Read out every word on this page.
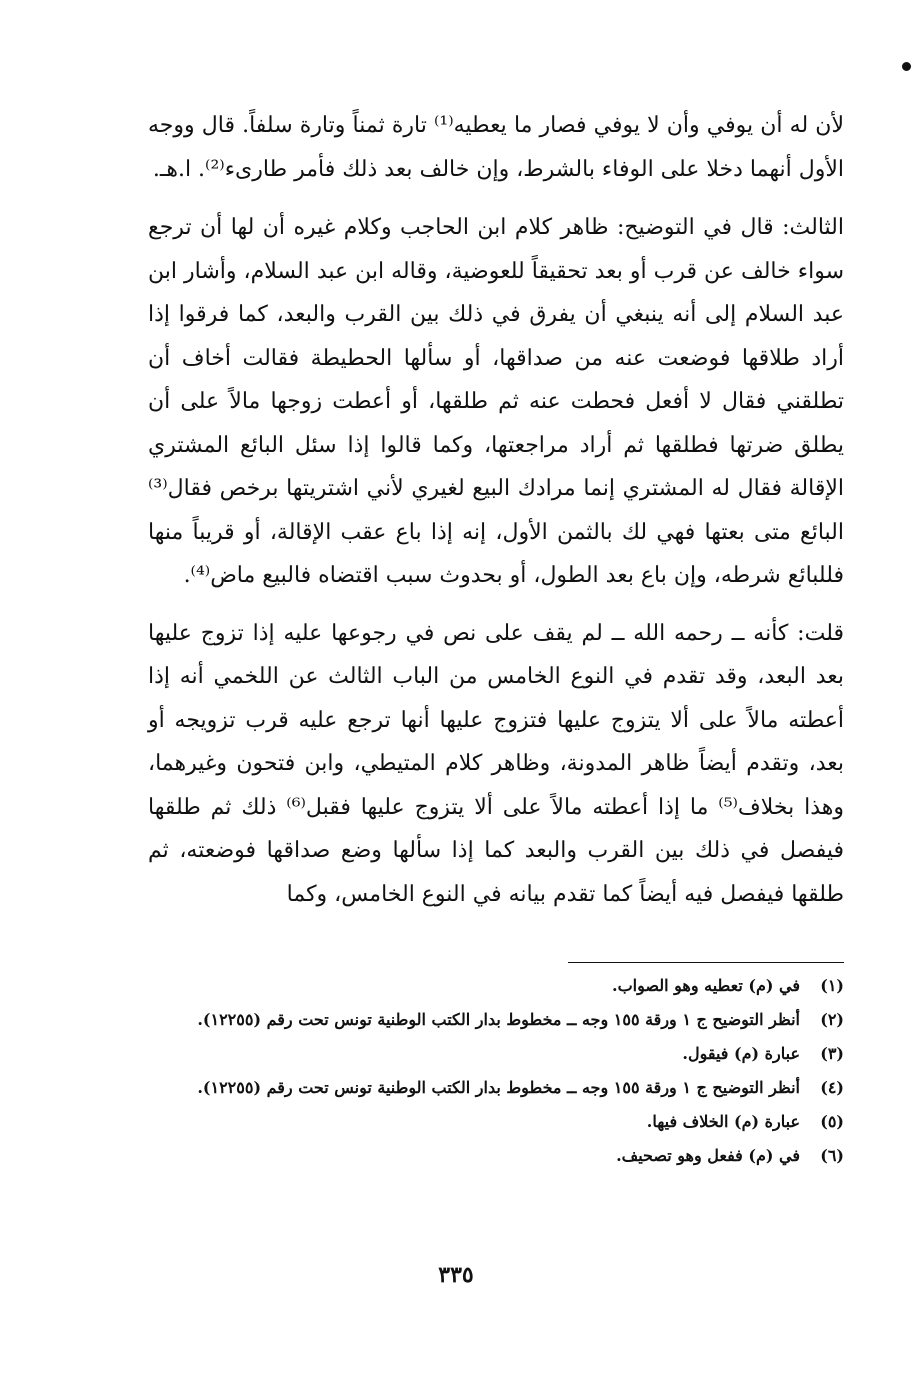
لأن له أن يوفي وأن لا يوفي فصار ما يعطيه⁽¹⁾ تارة ثمناً وتارة سلفاً. قال ووجه الأول أنهما دخلا على الوفاء بالشرط، وإن خالف بعد ذلك فأمر طارىء⁽²⁾. ا.هـ.

الثالث: قال في التوضيح: ظاهر كلام ابن الحاجب وكلام غيره أن لها أن ترجع سواء خالف عن قرب أو بعد تحقيقاً للعوضية، وقاله ابن عبد السلام، وأشار ابن عبد السلام إلى أنه ينبغي أن يفرق في ذلك بين القرب والبعد، كما فرقوا إذا أراد طلاقها فوضعت عنه من صداقها، أو سألها الحطيطة فقالت أخاف أن تطلقني فقال لا أفعل فحطت عنه ثم طلقها، أو أعطت زوجها مالاً على أن يطلق ضرتها فطلقها ثم أراد مراجعتها، وكما قالوا إذا سئل البائع المشتري الإقالة فقال له المشتري إنما مرادك البيع لغيري لأني اشتريتها برخص فقال⁽³⁾ البائع متى بعتها فهي لك بالثمن الأول، إنه إذا باع عقب الإقالة، أو قريباً منها فللبائع شرطه، وإن باع بعد الطول، أو بحدوث سبب اقتضاه فالبيع ماض⁽⁴⁾.

قلت: كأنه ــ رحمه الله ــ لم يقف على نص في رجوعها عليه إذا تزوج عليها بعد البعد، وقد تقدم في النوع الخامس من الباب الثالث عن اللخمي أنه إذا أعطته مالاً على ألا يتزوج عليها فتزوج عليها أنها ترجع عليه قرب تزويجه أو بعد، وتقدم أيضاً ظاهر المدونة، وظاهر كلام المتيطي، وابن فتحون وغيرهما، وهذا بخلاف⁽⁵⁾ ما إذا أعطته مالاً على ألا يتزوج عليها فقبل⁽⁶⁾ ذلك ثم طلقها فيفصل في ذلك بين القرب والبعد كما إذا سألها وضع صداقها فوضعته، ثم طلقها فيفصل فيه أيضاً كما تقدم بيانه في النوع الخامس، وكما

(١)
في (م) تعطيه وهو الصواب.
(٢)
أنظر التوضيح ج ١ ورقة ١٥٥ وجه ــ مخطوط بدار الكتب الوطنية تونس تحت رقم (١٢٢٥٥).
(٣)
عبارة (م) فيقول.
(٤)
أنظر التوضيح ج ١ ورقة ١٥٥ وجه ــ مخطوط بدار الكتب الوطنية تونس تحت رقم (١٢٢٥٥).
(٥)
عبارة (م) الخلاف فيها.
(٦)
في (م) ففعل وهو تصحيف.
٣٣٥
